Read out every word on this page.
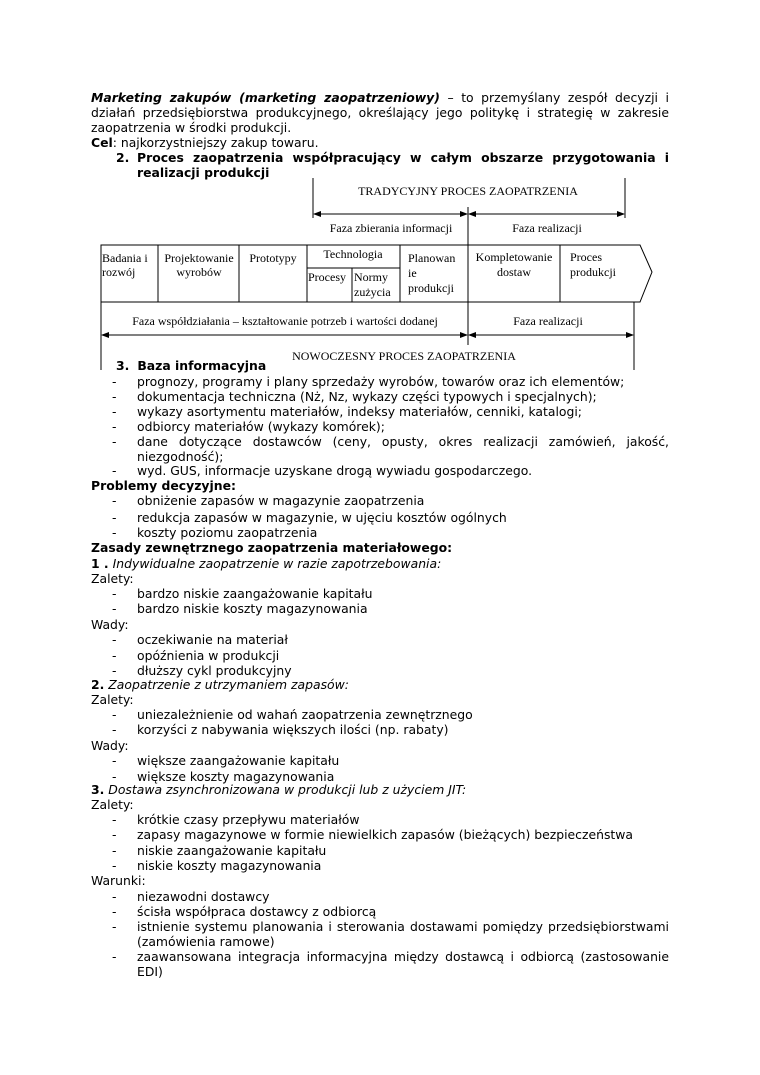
Marketing zakupów (marketing zaopatrzeniowy) – to przemyślany zespół decyzji i działań przedsiębiorstwa produkcyjnego, określający jego politykę i strategię w zakresie zaopatrzenia w środki produkcji.
Cel: najkorzystniejszy zakup towaru.
2. Proces zaopatrzenia współpracujący w całym obszarze przygotowania i realizacji produkcji
TRADYCYJNY PROCES ZAOPATRZENIA
Faza zbierania informacji	Faza realizacji
Badania i
rozwój
Projektowanie
wyrobów
Prototypy Technologia
Procesy Normy
zużycia
Planowan
ie
produkcji
Kompletowanie
dostaw
Proces
produkcji
Faza współdziałania – kształtowanie potrzeb i wartości dodanej	Faza realizacji
NOWOCZESNY PROCES ZAOPATRZENIA
3. Baza informacyjna
- prognozy, programy i plany sprzedaży wyrobów, towarów oraz ich elementów;
- dokumentacja techniczna (Nż, Nz, wykazy części typowych i specjalnych);
- wykazy asortymentu materiałów, indeksy materiałów, cenniki, katalogi;
- odbiorcy materiałów (wykazy komórek);
- dane dotyczące dostawców (ceny, opusty, okres realizacji zamówień, jakość, niezgodność);
- wyd. GUS, informacje uzyskane drogą wywiadu gospodarczego.
Problemy decyzyjne:
- obniżenie zapasów w magazynie zaopatrzenia
- redukcja zapasów w magazynie, w ujęciu kosztów ogólnych
- koszty poziomu zaopatrzenia
Zasady zewnętrznego zaopatrzenia materiałowego:
1 . Indywidualne zaopatrzenie w razie zapotrzebowania:
Zalety:
- bardzo niskie zaangażowanie kapitału
- bardzo niskie koszty magazynowania
Wady:
- oczekiwanie na materiał
- opóźnienia w produkcji
- dłuższy cykl produkcyjny
2. Zaopatrzenie z utrzymaniem zapasów:
Zalety:
- uniezależnienie od wahań zaopatrzenia zewnętrznego
- korzyści z nabywania większych ilości (np. rabaty)
Wady:
- większe zaangażowanie kapitału
- większe koszty magazynowania
3. Dostawa zsynchronizowana w produkcji lub z użyciem JIT:
Zalety:
- krótkie czasy przepływu materiałów
- zapasy magazynowe w formie niewielkich zapasów (bieżących) bezpieczeństwa
- niskie zaangażowanie kapitału
- niskie koszty magazynowania
Warunki:
- niezawodni dostawcy
- ścisła współpraca dostawcy z odbiorcą
- istnienie systemu planowania i sterowania dostawami pomiędzy przedsiębiorstwami (zamówienia ramowe)
- zaawansowana integracja informacyjna między dostawcą i odbiorcą (zastosowanie EDI)
